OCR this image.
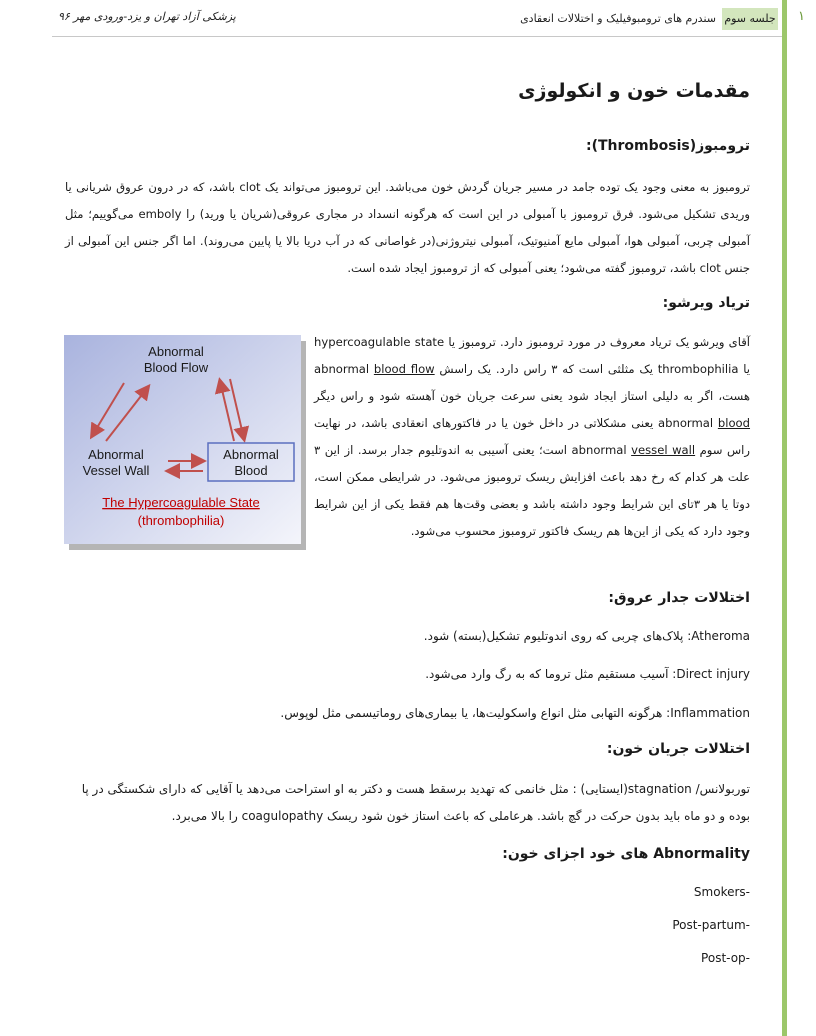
۱
جلسه سوم
سندرم های ترومبوفیلیک و اختلالات انعقادی
پزشکی آزاد تهران و یزد-ورودی مهر ۹۶
مقدمات خون و انکولوژی
ترومبوز(Thrombosis):
ترومبوز به معنی وجود یک توده جامد در مسیر جریان گردش خون می‌باشد. این ترومبوز می‌تواند یک clot باشد، که در درون عروق شریانی یا وریدی تشکیل می‌شود. فرق ترومبوز با آمبولی در این است که هرگونه انسداد در مجاری عروقی(شریان یا ورید) را emboly می‌گوییم؛ مثل آمبولی چربی، آمبولی هوا، آمبولی مایع آمنیوتیک، آمبولی نیتروژنی(در غواصانی که در آب دریا بالا یا پایین می‌روند). اما اگر جنس این آمبولی از جنس clot باشد، ترومبوز گفته می‌شود؛ یعنی آمبولی که از ترومبوز ایجاد شده است.
تریاد ویرشو:
آقای ویرشو یک تریاد معروف در مورد ترومبوز دارد. ترومبوز یا hypercoagulable state یا thrombophilia یک مثلثی است که ۳ راس دارد. یک راسش abnormal blood flow هست، اگر به دلیلی استاز ایجاد شود یعنی سرعت جریان خون آهسته شود و راس دیگر abnormal blood یعنی مشکلاتی در داخل خون یا در فاکتورهای انعقادی باشد، در نهایت راس سوم abnormal vessel wall است؛ یعنی آسیبی به اندوتلیوم جدار برسد. از این ۳ علت هر کدام که رخ دهد باعث افزایش ریسک ترومبوز می‌شود. در شرایطی ممکن است، دوتا یا هر ۳تای این شرایط وجود داشته باشد و بعضی وقت‌ها هم فقط یکی از این شرایط وجود دارد که یکی از این‌ها هم ریسک فاکتور ترومبوز محسوب می‌شود.
Abnormal
Blood Flow
Abnormal
Vessel Wall
Abnormal
Blood
The Hypercoagulable State
(thrombophilia)
اختلالات جدار عروق:
Atheroma: پلاک‌های چربی که روی اندوتلیوم تشکیل(بسته) شود.
Direct injury: آسیب مستقیم مثل تروما که به رگ وارد می‌شود.
Inflammation: هرگونه التهابی مثل انواع واسکولیت‌ها، یا بیماری‌های روماتیسمی مثل لوپوس.
اختلالات جریان خون:
توربولانس/ stagnation(ایستایی) : مثل خانمی که تهدید برسقط هست و دکتر به او استراحت می‌دهد یا آقایی که دارای شکستگی در پا
بوده و دو ماه باید بدون حرکت در گچ باشد. هرعاملی که باعث استاز خون شود ریسک coagulopathy را بالا می‌برد.
Abnormality های خود اجزای خون:
Smokers-
Post-partum-
Post-op-
